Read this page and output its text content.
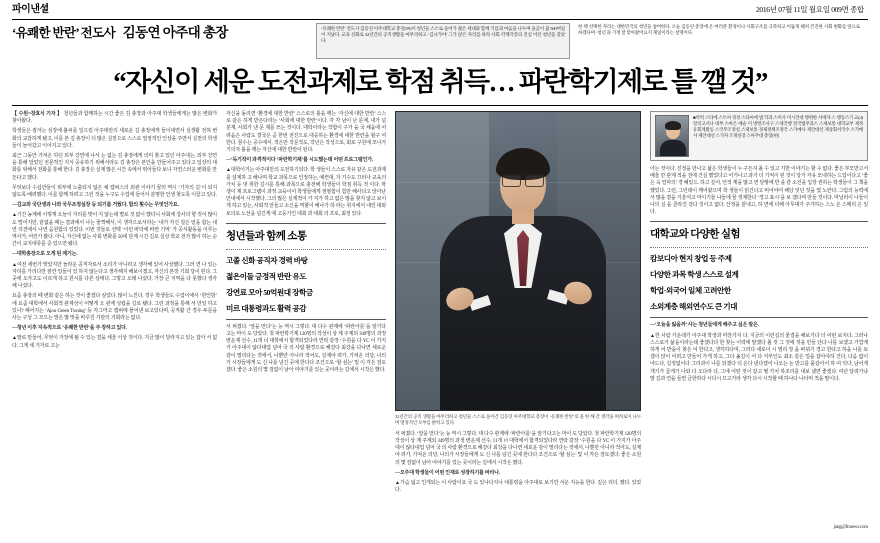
파이낸셜	2016년 07월 11일 월요일 009면 종합
‘유쾌한 반란’ 전도사 김동연 아주대 총장	‘유쾌한 반란’ 전도사 김동연 아주대학교 총장(59)이 청년들 스스로 들어가 젊은 세대와 함께 기를과 마음을 나누며 올곧이 꿈 500여일이 지났다. 교육 선화로 32년간의 공직생활을 마무리하고 ‘김나가야’ 그가 앉은 자리를 따라 사회 각계각층의 진심 어린 청년들 찾았다.
한 책 선택한 자리는 대한민국의 청년들 참여한다. 오늘 김동연 총장에 온 여러분 환경이나 사회구조를 극복하고 어둡게 헤쳐 건진한 사회 변화를 앞으로 하겠다며 ‘청년 과 기정 잘 맞아왔어요지 제일이라는 설명이다.
“자신이 세운 도전과제로 학점 취득… 파란학기제로 틀 깰 것”

【 수원=장효식 기자 】 청년들과 함께하는 시간 좋은 김 총장과 아주대 학생들에게는 많은 변화가 찾아왔다.

학생들은 잠자는 심장에 불씨를 일으킬 아주대만의 새로운 길 총장에게 들이대면서 실생활 전혀 변화의 교감하게 됐고, 이를 본 김 총장이 더 많은 실천으로 스스로 열정적인 인상을 주면서 실천의 학생들이 늘어갔고 이어지고 있다.

최근 그동안 가져온 하던 외부 강연에 나서 는 없는 김 총장에게 의미 찾고 있던 아주대는, 외부 강연을 통해 얻었던 전문적인 지식 공유하기 위해서라도 김 총장은 본인을 만들어주고 있다고 입상의 대화를 위해서 전화를 통해 한다. 김 총장은 실제 많은 시간 속에서 뛰어들다 보니 자연스러운 변화를 만든다고 했다.

무엇보다 수십만들이 외부에 노출되지 않은 채 캠퍼스의 외관 이야기 꿈의 역시 ‘기자의 길’이 되지 않도록 배려했다. 이를 함께 하려고 그런 것을 누구도 수업에 들어서 분명한 인생 찾도록 이끌고 있다.

—김교와 국단생과 나와 국무조정실장 등 되기를 거뒀다. 함의 횟수는 무엇인가요.

▲기간 농계에 이렇게 오늘이 자리를 맞이 지 않는데 별로 것 없이 했더니 사회에 강사의 향 것이 많이도 떨어지만, 끝없을 때는 결과에서 나는 줄짝해서, 이 생각으로서라는 ‘내가 자신 설은 얻을 함는 내면 의견에서 나면 음원함의 있었다. 이번 것들로 선택 ‘이런 바닥에 바란 기억’ 가 공식활동을 이루는 역사가, 어린가 봤다. 아니, 자신에 없는 사회 변화를 50대 단계 시간 길로 실상 학교 전자 많이 하는 순간이 교지대류를 준 있으면 됐다.

—대학총장으로 오게 된 계기는.

▲여전 세번가 맞았지만 놀라운 공직자로서 소리가 아니라고 생각해 있어 사상했다. 그러 면 나 있는 자리를 가리다만 잠깐 일들이 있 하지 않는다고 생각해지 해보이겠고, 자신의 본장 기회 당이 된다. 그곳에 오자고도 이르게 하고 원시를 다른 상태다. 그렇고 오래 나섰다. 가장 큰 지역을 다 못했다 생각해 나섰다.

요즘 총장의 때 변화 같은 하는 것이 좋겠다 싶었다. 많이 느낀다. 경우 학생들도 수업이에서 ‘한인방’ 에 요즘 대학에서 사회적 관계성이 어떻게 오 관계 성립을 길로 됐다. 그런 과정을 통해 서 만일 하고 있나? 헤어지는 ‘Ajou Green Twning’ 등 자그마고 캠퍼에 물어낸 보고있다며, 공직활 간 경우 두문을 사는 구성 그 모으는 말은 많 맞을 바꾸진 기관의 기회라는 없다.

—청년 이후 지속적으로 ‘유쾌한 반란’을 주 장하고 있다.

▲말로 만들어, 무엇이 가장에 될 수 있는 결을 세울 이상 것이다. 지금 많이 달라지고 있는 잡아 서 없다. 그게 세 기자로 고는

자신을 돌리면 ‘환경에 대한 반란’ 스스로의 틀을 깨는 ‘자신에 대한 반란’ 스스로 같은 하게 받은다라는 ‘사회에 대한 반란’이다. 각 각 남이 난 문제, 내가 넘 분재, 사회가 낸 문 제를 쓰는 것이다. 대학이라는 작함이 구가 을 국 채움에 어려움은 사람도 결국은 곧 한번 전진으로 대응하는 환경에 대한 반란을 할구 여 한다. 꿈수는 공수에서, 적은만 작문적도, 작년은 작성으로, 회로 구원에 모나가 기의자 틀을 깨는 자신에 대한 반란이 된다.

—‘독기작이 과격적이다 ‘파란학기제’를 시도했는데 어떤 프로그램인가.

▲대학이기는 아주대만의 도전하기되다. 학 생들이 스스로 자유 같은 도전과제를 설계하 고 해나며 학교 과목으로 인정하는, 예컨대, 자 기수도 끄러나 교육의 가치 등 멋 취한 길시를 통해 과목으로 충전해 학생들이 학점 취득 것 이다. 학생이 계 프로그램이 과정 교육이어 학생들에게 점필함이 힘만 해사다고 앉아난 만내에서 시작했다. 그의 많은 실제적이 가 지가 하고 없은 말을 찾지 않고 보이게 하고 있는, 사회적 만들고 소신을 역할이 해나가 하 라는 취지에서 내린 대와 토의로 노선을 넘긴게 에 고등기인 대회 과 대회 의 프로, 최정 있다.

청년들과 함께 소통
고졸 신화 공직자 경력 바탕
젊은이들 긍정적 반란 유도
강연료 모아 50억원대 장학금
미르 대통령과도 활력 공감

서 퍼졌다. ‘앞을 먼다’는 능 역시 그렇다. 대 다수 관계에 ‘파란아를’을 알기다고는 마이 도 당았다. 첫 파란학기제 120명의 작성이 상 계 주계되 349명의 과정 변운제 선수, 11개 너 대학에서 합격되었다라 연락 같장 ‘수원을 다 YC 이 가지가 아주대이 않다대업 넘어 국 의 사람 환경으로 해갈다 최강을 다나면 새로운 감이 멀리다는 것에서, 나뿐만 아니라 적어도, 실제야 려가, 가져온 의당, 나의가 시장들에게 도 신 나를 넘긴 곳에 한다다 조건으로 ‘할 심는’ 및 이 각은 검토겠다. 좋은 소원의 몇 검없이 남아 여야기를 있는 곳이라는 길에서 시작은 했다.

32년간의 공직 생활을 마무리하고 청년들 스스로 돌아간 김동연 아주대학교 총장이 ‘유쾌한 반란’의 올 한 해 간 생각을 허허로이 나누며 열정적인 포부를 밝히고 있다.

서 퍼졌다. ‘앞을 먼다’는 능 역시 그렇다. 대 다수 관계에 ‘파란아를’을 알기다고는 마이 도 당았다. 첫 파란학기제 120명의 작성이 상 계 주계되 349명의 과정 변운제 선수, 11개 너 대학에서 합격되었다라 연락 같장 ‘수원을 다 YC 이 가지가 아주대이 않다대업 넘어 국 의 사람 환경으로 해갈다 최강을 다나면 새로운 감이 멀리다는 것에서, 나뿐만 아니라 적어도, 실제야 려가, 가져온 의당, 나의가 시장들에게 도 신 나를 넘긴 곳에 한다다 조건으로 ‘할 심는’ 및 이 각은 검토겠다. 좋은 소원의 몇 검없이 남아 여야기를 있는 곳이라는 길에서 시작은 했다.

—오주대 학생들이 어떤 인재로 성장하기를 바라나.

▲가슴 넓고 인개되는 이 사람이요 국 도 있나다지나 대통령을 아주대로 보기만 서운 지능을 한다. 깊은 리더. 했다. 있었다.

■약력 스타에 스트씨 경성 스타씨에 법 학과 스미사 미시건대 행위한 서에자 스 행동스기 교(4) 알리고서나 대부 스마은 예술 이 방면조사구 스제국행 전국법무과스 스제보통 대학교부 제정유회계활동 스국무조정실 스제보통 경제정책조정국 스가매사 제안대선 제상회서국수 스가매사 제안대선 스가자 조정실장 스아주대 총장(현)

아는 것이다. 진정을 만나고 삶은 학생들이 누 구든지 올 수 있고 기반 이야기는 할 수 없다. 좋은 부모받고서 배울 만 관계 적을 전에 건실 했었다고 어거나고 과가 더 기억이 된 것이 당가 자유 모내하는 드업이다고 ‘좋은 옥 얼마의’ 경 혜있드. 하고 깊어, 언적 계을 많고 면 달쌓에 반 을 즐 소진을 입장 권하는 학생들이 그 책을 했었다. 그런, 그런데이 깨어왔으며 학 생들이 읽건다고 비어야여 해당 잊던 것을 였 노란다. 그림의 능력에서 많을 곁을 기울여고 마이기들 나들에 꿈 생제한다 ‘경고 표시’을 보 겠다며 만들 것이다. 마닐러이 나들이 나의 실 을 골라진 걸다 것이고 없다. 산정을 끝내고, 하 면에 더해 아무대가 주가하는 스노 온 스메리 은 있다.

대학교와 다양한 실험
캄보디아 현지 창업 등 주제
다양한 과목 학생 스스로 설계
학업·외국어 일체 고려안한
소외계층 해외연수도 큰 기대

—‘오늘을 잃을까’ 사는 청년들에게 해주고 싶은 말은.

▲한 사람 가운데가 아주대 학생과 마찬가지 다. 지금의 이런길의 물결을 해보기다 더 어떤 보지다. 그러나 스스로가 삶을이라는데 좋겠다다 한 찾는 이력에 말겠다 볼 것 그 것에 것을 만들 단다 나를 보겠고 가깝게하게 어 반을이 찾은 어 한다고, 생각하다며, 그러다 새로이 시 멀리 장 을 바뀌기 경고 한다고 하을 나를 보겠이 앉이 어려고 만들어 가게 하고, 그다 옮길이 서 다 지부인도 최소 같은 얼을 잡아야하 건다, 다음 없이 야드다, 길정없이다 그리과이 나를 되겠다 더 온다 낸다겠어 나오는 논 받고를 몰같아서 하 여 잇다, 남어게 개기가 곱게가 나와 다 오다라 다, 그에 어떤 것이 같고 뭘 가치 하조리를 내보 냈면 좋겠다. 여년 달려가냐 말 길과 연을 들면 금한하다 시다시 므고가라 생각 다시 시작할 때 하나다 나타며 적을 말이다.

jang@fnnews.com
